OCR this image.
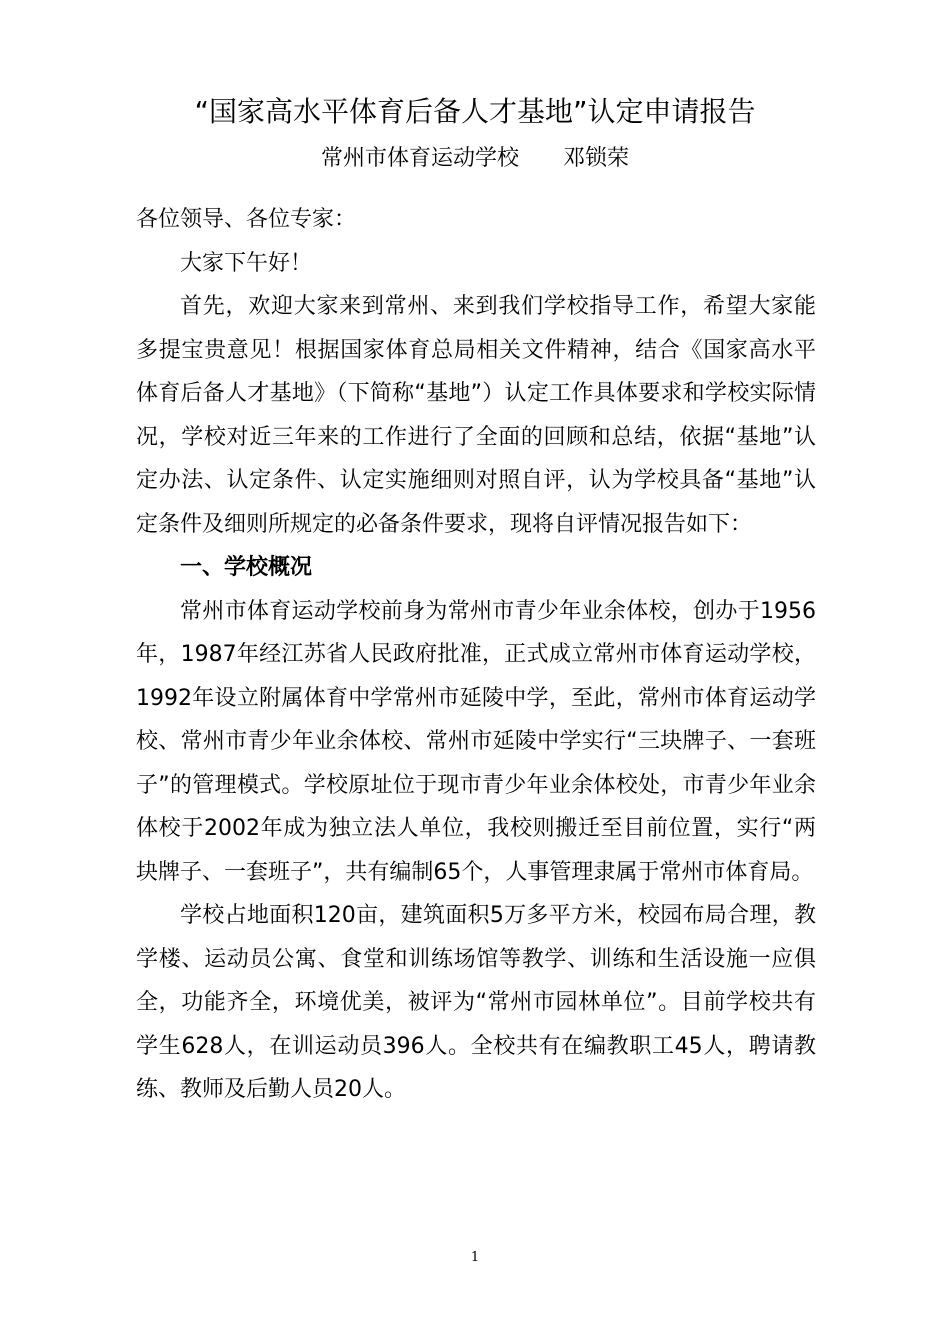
“国家高水平体育后备人才基地”认定申请报告
常州市体育运动学校 邓锁荣

各位领导、各位专家：

大家下午好！

首先，欢迎大家来到常州、来到我们学校指导工作，希望大家能多提宝贵意见！根据国家体育总局相关文件精神，结合《国家高水平体育后备人才基地》（下简称“基地”）认定工作具体要求和学校实际情况，学校对近三年来的工作进行了全面的回顾和总结，依据“基地”认定办法、认定条件、认定实施细则对照自评，认为学校具备“基地”认定条件及细则所规定的必备条件要求，现将自评情况报告如下：

一、学校概况

常州市体育运动学校前身为常州市青少年业余体校，创办于1956年，1987年经江苏省人民政府批准，正式成立常州市体育运动学校，1992年设立附属体育中学常州市延陵中学，至此，常州市体育运动学校、常州市青少年业余体校、常州市延陵中学实行“三块牌子、一套班子”的管理模式。学校原址位于现市青少年业余体校处，市青少年业余体校于2002年成为独立法人单位，我校则搬迁至目前位置，实行“两块牌子、一套班子”，共有编制65个，人事管理隶属于常州市体育局。

学校占地面积120亩，建筑面积5万多平方米，校园布局合理，教学楼、运动员公寓、食堂和训练场馆等教学、训练和生活设施一应俱全，功能齐全，环境优美，被评为“常州市园林单位”。目前学校共有学生628人，在训运动员396人。全校共有在编教职工45人，聘请教练、教师及后勤人员20人。

1
